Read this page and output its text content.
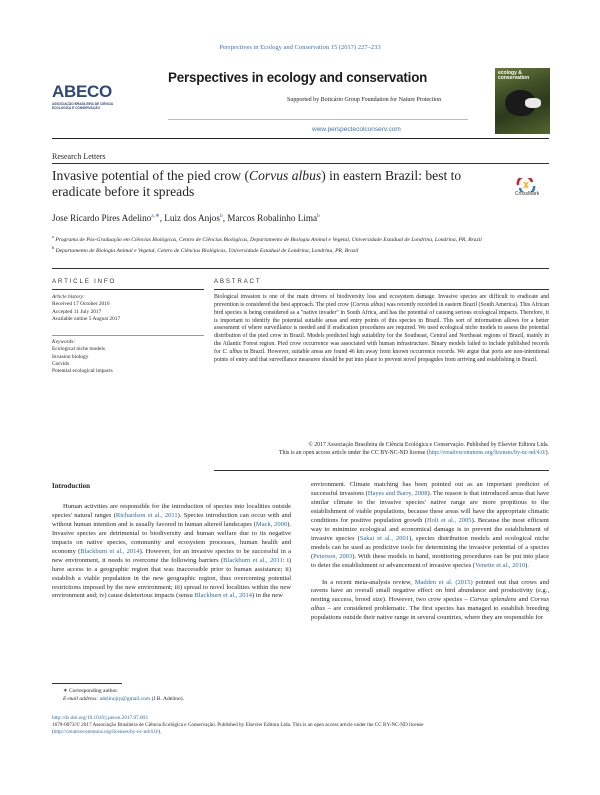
Perspectives in Ecology and Conservation 15 (2017) 227–233
ABECO
ASSOCIAÇÃO BRASILEIRA DE CIÊNCIA ECOLÓGICA E CONSERVAÇÃO
Perspectives in ecology and conservation
Supported by Boticário Group Foundation for Nature Protection
www.perspectecolconserv.com
ecology & conservation
Research Letters
Invasive potential of the pied crow (Corvus albus) in eastern Brazil: best to eradicate before it spreads	CrossMark
Jose Ricardo Pires Adelino$^{a,∗}$, Luiz dos Anjos$^b$, Marcos Robalinho Lima$^b$
$^a$ Programa de Pós-Graduação em Ciências Biológicas, Centro de Ciências Biológicas, Departamento de Biologia Animal e Vegetal, Universidade Estadual de Londrina, Londrina, PR, Brazil
$^b$ Departamento de Biologia Animal e Vegetal, Centro de Ciências Biológicas, Universidade Estadual de Londrina, Londrina, PR, Brazil
ARTICLE INFO	ABSTRACT
Article history:
Received 17 October 2016
Accepted 11 July 2017
Available online 5 August 2017
Keywords:
Ecological niche models
Invasion biology
Corvids
Potential ecological impacts
Biological invasion is one of the main drivers of biodiversity loss and ecosystem damage. Invasive species are difficult to eradicate and prevention is considered the best approach. The pied crow (Corvus albus) was recently recorded in eastern Brazil (South America). This African bird species is being considered as a "native invader" in South Africa, and has the potential of causing serious ecological impacts. Therefore, it is important to identify the potential suitable areas and entry points of this species in Brazil. This sort of information allows for a better assessment of where surveillance is needed and if eradication procedures are required. We used ecological niche models to assess the potential distribution of the pied crow in Brazil. Models predicted high suitability for the Southeast, Central and Northeast regions of Brazil, mainly in the Atlantic Forest region. Pied crow occurrence was associated with human infrastructure. Binary models failed to include published records for C. albus in Brazil. However, suitable areas are found 46 km away from known occurrence records. We argue that ports are non-intentional points of entry and that surveillance measures should be put into place to prevent novel propagules from arriving and establishing in Brazil.
© 2017 Associação Brasileira de Ciência Ecológica e Conservação. Published by Elsevier Editora Ltda.
This is an open access article under the CC BY-NC-ND license (http://creativecommons.org/licenses/by-nc-nd/4.0/).
Introduction

Human activities are responsible for the introduction of species into localities outside species' natural ranges (Richardson et al., 2011). Species introduction can occur with and without human intention and is usually favored in human altered landscapes (Mack, 2000). Invasive species are detrimental to biodiversity and human welfare due to its negative impacts on native species, community and ecosystem processes, human health and economy (Blackburn et al., 2014). However, for an invasive species to be successful in a new environment, it needs to overcome the following barriers (Blackburn et al., 2011: i) have access to a geographic region that was inaccessible prior to human assistance; ii) establish a viable population in the new geographic region, thus overcoming potential restrictions imposed by the new environment; iii) spread to novel localities within the new environment and; iv) cause deleterious impacts (sensu Blackburn et al., 2014) in the new

environment. Climate matching has been pointed out as an important predictor of successful invasions (Hayes and Barry, 2008). The reason is that introduced areas that have similar climate to the invasive species' native range are more propitious to the establishment of viable populations, because these areas will have the appropriate climatic conditions for positive population growth (Holt et al., 2005). Because the most efficient way to minimize ecological and economical damage is to prevent the establishment of invasive species (Sakai et al., 2001), species distribution models and ecological niche models can be used as predictive tools for determining the invasive potential of a species (Peterson, 2003). With these models in hand, monitoring procedures can be put into place to deter the establishment or advancement of invasive species (Venette et al., 2010).

In a recent meta-analysis review, Madden et al. (2015) pointed out that crows and ravens have an overall small negative effect on bird abundance and productivity (e.g., nesting success, brood size). However, two crow species – Corvus splendens and Corvus albus – are considered problematic. The first species has managed to establish breeding populations outside their native range in several countries, where they are responsible for

∗ Corresponding author.
E-mail address: adelinojrp@gmail.com (J.R. Adelino).
http://dx.doi.org/10.1016/j.pecon.2017.07.003
1679-0073/© 2017 Associação Brasileira de Ciência Ecológica e Conservação. Published by Elsevier Editora Ltda. This is an open access article under the CC BY-NC-ND license
(http://creativecommons.org/licenses/by-nc-nd/4.0/).
